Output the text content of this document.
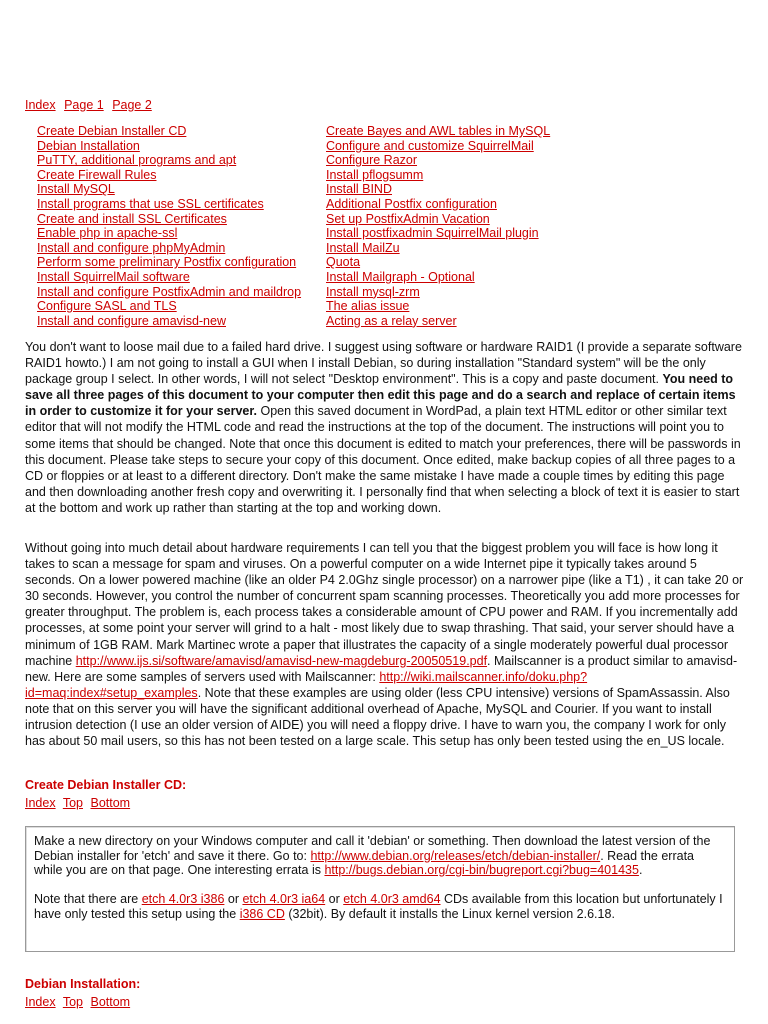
Index Page 1 Page 2
Create Debian Installer CD
Debian Installation
PuTTY, additional programs and apt
Create Firewall Rules
Install MySQL
Install programs that use SSL certificates
Create and install SSL Certificates
Enable php in apache-ssl
Install and configure phpMyAdmin
Perform some preliminary Postfix configuration
Install SquirrelMail software
Install and configure PostfixAdmin and maildrop
Configure SASL and TLS
Install and configure amavisd-new
Create Bayes and AWL tables in MySQL
Configure and customize SquirrelMail
Configure Razor
Install pflogsumm
Install BIND
Additional Postfix configuration
Set up PostfixAdmin Vacation
Install postfixadmin SquirrelMail plugin
Install MailZu
Quota
Install Mailgraph - Optional
Install mysql-zrm
The alias issue
Acting as a relay server
You don't want to loose mail due to a failed hard drive. I suggest using software or hardware RAID1 (I provide a separate software RAID1 howto.) I am not going to install a GUI when I install Debian, so during installation "Standard system" will be the only package group I select. In other words, I will not select "Desktop environment". This is a copy and paste document. You need to save all three pages of this document to your computer then edit this page and do a search and replace of certain items in order to customize it for your server. Open this saved document in WordPad, a plain text HTML editor or other similar text editor that will not modify the HTML code and read the instructions at the top of the document. The instructions will point you to some items that should be changed. Note that once this document is edited to match your preferences, there will be passwords in this document. Please take steps to secure your copy of this document. Once edited, make backup copies of all three pages to a CD or floppies or at least to a different directory. Don't make the same mistake I have made a couple times by editing this page and then downloading another fresh copy and overwriting it. I personally find that when selecting a block of text it is easier to start at the bottom and work up rather than starting at the top and working down.
Without going into much detail about hardware requirements I can tell you that the biggest problem you will face is how long it takes to scan a message for spam and viruses. On a powerful computer on a wide Internet pipe it typically takes around 5 seconds. On a lower powered machine (like an older P4 2.0Ghz single processor) on a narrower pipe (like a T1) , it can take 20 or 30 seconds. However, you control the number of concurrent spam scanning processes. Theoretically you add more processes for greater throughput. The problem is, each process takes a considerable amount of CPU power and RAM. If you incrementally add processes, at some point your server will grind to a halt - most likely due to swap thrashing. That said, your server should have a minimum of 1GB RAM. Mark Martinec wrote a paper that illustrates the capacity of a single moderately powerful dual processor machine http://www.ijs.si/software/amavisd/amavisd-new-magdeburg-20050519.pdf. Mailscanner is a product similar to amavisd-new. Here are some samples of servers used with Mailscanner: http://wiki.mailscanner.info/doku.php?id=maq:index#setup_examples. Note that these examples are using older (less CPU intensive) versions of SpamAssassin. Also note that on this server you will have the significant additional overhead of Apache, MySQL and Courier. If you want to install intrusion detection (I use an older version of AIDE) you will need a floppy drive. I have to warn you, the company I work for only has about 50 mail users, so this has not been tested on a large scale. This setup has only been tested using the en_US locale.
Create Debian Installer CD:
Index Top Bottom

Make a new directory on your Windows computer and call it 'debian' or something. Then download the latest version of the Debian installer for 'etch' and save it there. Go to: http://www.debian.org/releases/etch/debian-installer/. Read the errata while you are on that page. One interesting errata is http://bugs.debian.org/cgi-bin/bugreport.cgi?bug=401435.

Note that there are etch 4.0r3 i386 or etch 4.0r3 ia64 or etch 4.0r3 amd64 CDs available from this location but unfortunately I have only tested this setup using the i386 CD (32bit). By default it installs the Linux kernel version 2.6.18.

Debian Installation:
Index Top Bottom
